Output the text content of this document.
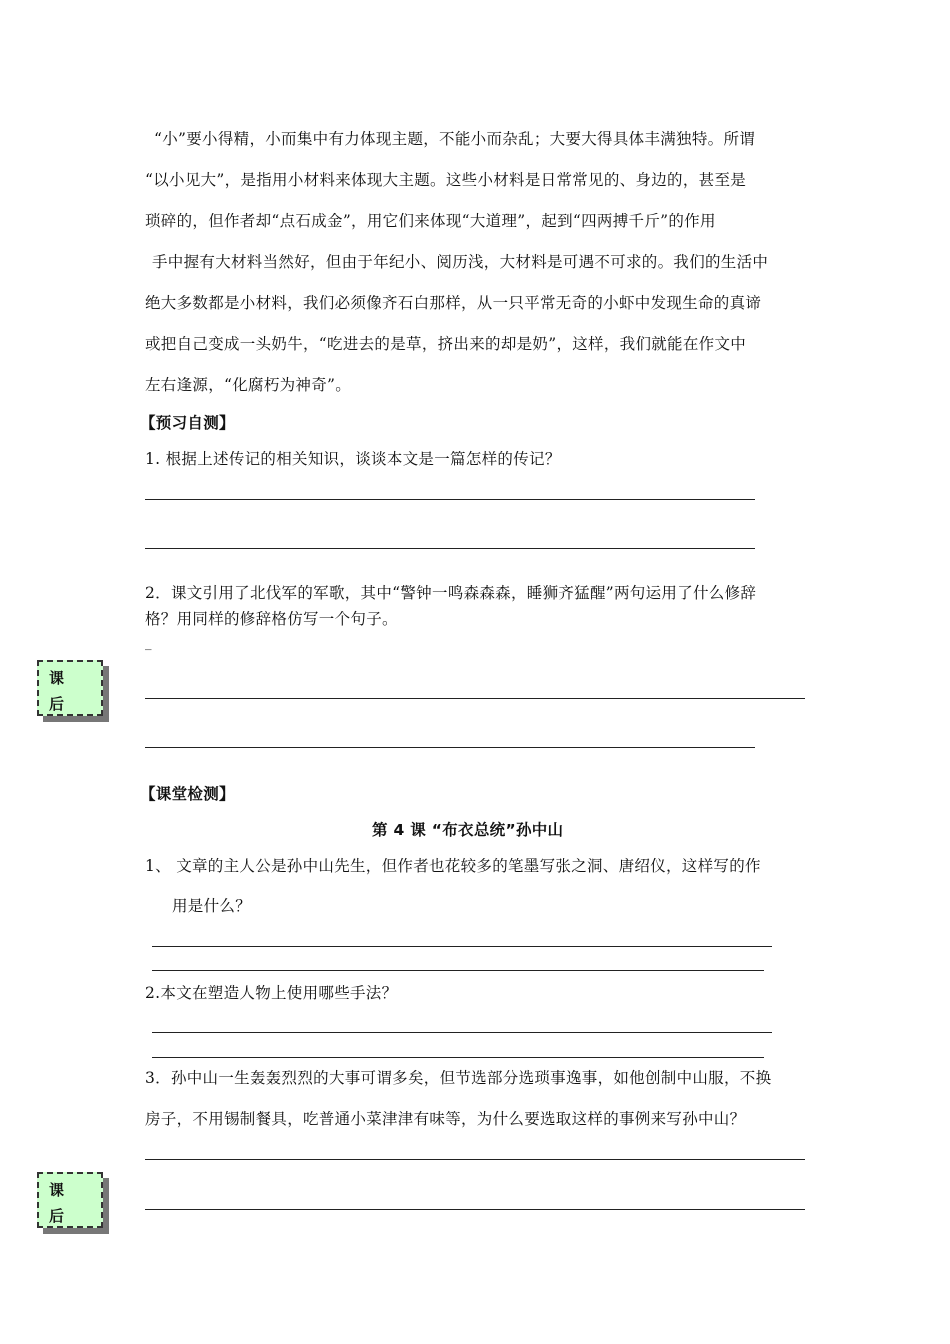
“小”要小得精，小而集中有力体现主题，不能小而杂乱；大要大得具体丰满独特。所谓
“以小见大”，是指用小材料来体现大主题。这些小材料是日常常见的、身边的，甚至是
琐碎的，但作者却“点石成金”，用它们来体现“大道理”，起到“四两搏千斤”的作用
手中握有大材料当然好，但由于年纪小、阅历浅，大材料是可遇不可求的。我们的生活中
绝大多数都是小材料，我们必须像齐石白那样，从一只平常无奇的小虾中发现生命的真谛
或把自己变成一头奶牛，“吃进去的是草，挤出来的却是奶”，这样，我们就能在作文中
左右逢源，“化腐朽为神奇”。
【预习自测】
1. 根据上述传记的相关知识，谈谈本文是一篇怎样的传记？
2．课文引用了北伐军的军歌，其中“警钟一鸣森森森，睡狮齐猛醒”两句运用了什么修辞
格？用同样的修辞格仿写一个句子。
_
课
后
【课堂检测】
第 4 课 “布衣总统”孙中山
1、 文章的主人公是孙中山先生，但作者也花较多的笔墨写张之洞、唐绍仪，这样写的作
用是什么？
2.本文在塑造人物上使用哪些手法？
3．孙中山一生轰轰烈烈的大事可谓多矣，但节选部分选琐事逸事，如他创制中山服，不换
房子，不用锡制餐具，吃普通小菜津津有味等，为什么要选取这样的事例来写孙中山？
课
后
